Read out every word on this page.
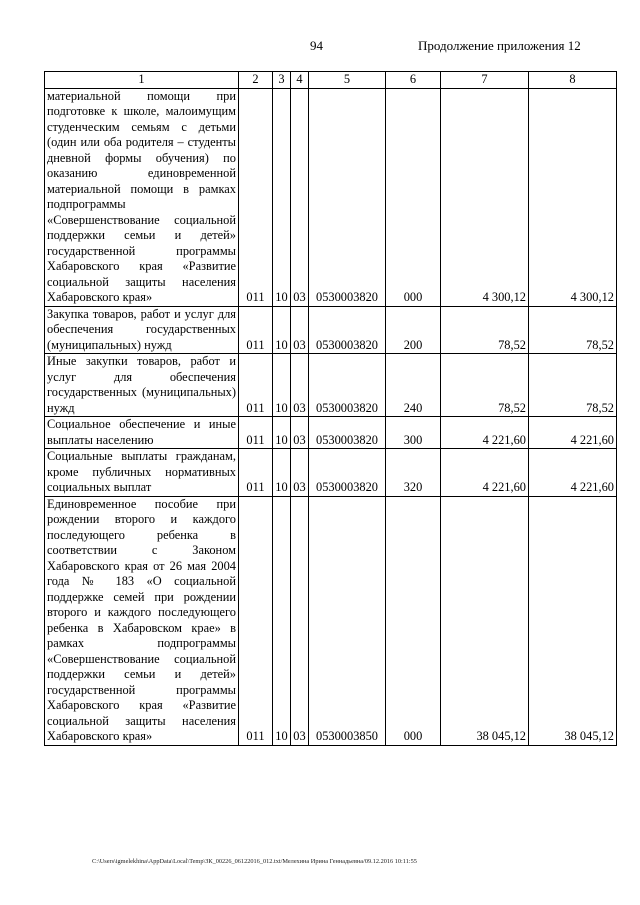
94	Продолжение приложения 12
1	2	3	4	5	6	7	8
материальной помощи при подготовке к школе, малоимущим студенческим семьям с детьми (один или оба родителя – студенты дневной формы обучения) по оказанию единовременной материальной помощи в рамках подпрограммы «Совершенствование социальной поддержки семьи и детей» государственной программы Хабаровского края «Развитие социальной защиты населения Хабаровского края»	011	10	03	0530003820	000	4 300,12	4 300,12
Закупка товаров, работ и услуг для обеспечения государственных (муниципальных) нужд	011	10	03	0530003820	200	78,52	78,52
Иные закупки товаров, работ и услуг для обеспечения государственных (муниципальных) нужд	011	10	03	0530003820	240	78,52	78,52
Социальное обеспечение и иные выплаты населению	011	10	03	0530003820	300	4 221,60	4 221,60
Социальные выплаты гражданам, кроме публичных нормативных социальных выплат	011	10	03	0530003820	320	4 221,60	4 221,60
Единовременное пособие при рождении второго и каждого последующего ребенка в соответствии с Законом Хабаровского края от 26 мая 2004 года № 183 «О социальной поддержке семей при рождении второго и каждого последующего ребенка в Хабаровском крае» в рамках подпрограммы «Совершенствование социальной поддержки семьи и детей» государственной программы Хабаровского края «Развитие социальной защиты населения Хабаровского края»	011	10	03	0530003850	000	38 045,12	38 045,12
C:\Users\igmelekhina\AppData\Local\Temp\ЗК_00226_06122016_012.txt/Мелехина Ирина Геннадьевна/09.12.2016 10:11:55
